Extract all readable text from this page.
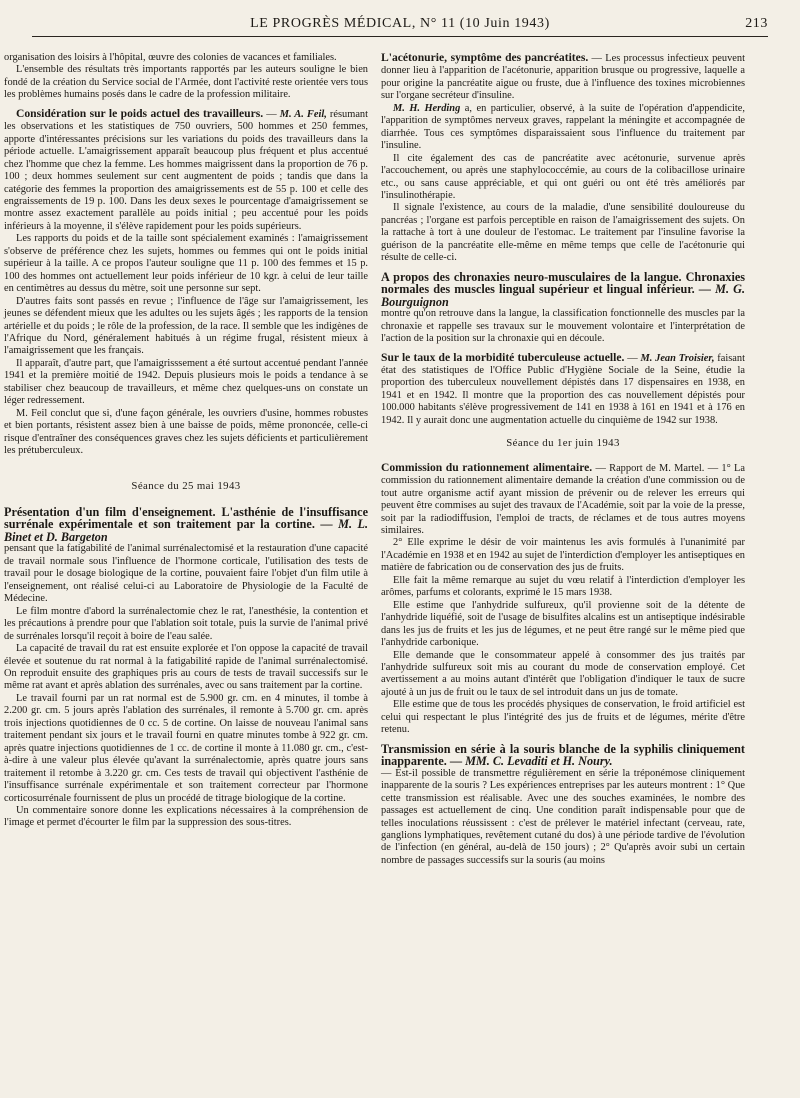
LE PROGRÈS MÉDICAL, N° 11 (10 Juin 1943)	213

organisation des loisirs à l'hôpital, œuvre des colonies de vacances et familiales.

L'ensemble des résultats très importants rapportés par les auteurs souligne le bien fondé de la création du Service social de l'Armée, dont l'activité reste orientée vers tous les problèmes humains posés dans le cadre de la profession militaire.

Considération sur le poids actuel des travailleurs. — M. A. Feil, résumant les observations et les statistiques de 750 ouvriers, 500 hommes et 250 femmes, apporte d'intéressantes précisions sur les variations du poids des travailleurs dans la période actuelle. L'amaigrissement apparaît beaucoup plus fréquent et plus accentué chez l'homme que chez la femme. Les hommes maigrissent dans la proportion de 76 p. 100 ; deux hommes seulement sur cent augmentent de poids ; tandis que dans la catégorie des femmes la proportion des amaigrissements est de 55 p. 100 et celle des engraissements de 19 p. 100. Dans les deux sexes le pourcentage d'amaigrissement se montre assez exactement parallèle au poids initial ; peu accentué pour les poids inférieurs à la moyenne, il s'élève rapidement pour les poids supérieurs.

Les rapports du poids et de la taille sont spécialement examinés : l'amaigrissement s'observe de préférence chez les sujets, hommes ou femmes qui ont le poids initial supérieur à la taille. A ce propos l'auteur souligne que 11 p. 100 des femmes et 15 p. 100 des hommes ont actuellement leur poids inférieur de 10 kgr. à celui de leur taille en centimètres au dessus du mètre, soit une personne sur sept.

D'autres faits sont passés en revue ; l'influence de l'âge sur l'amaigrissement, les jeunes se défendent mieux que les adultes ou les sujets âgés ; les rapports de la tension artérielle et du poids ; le rôle de la profession, de la race. Il semble que les indigènes de l'Afrique du Nord, généralement habitués à un régime frugal, résistent mieux à l'amaigrissement que les français.

Il apparaît, d'autre part, que l'amaigrisssement a été surtout accentué pendant l'année 1941 et la première moitié de 1942. Depuis plusieurs mois le poids a tendance à se stabiliser chez beaucoup de travailleurs, et même chez quelques-uns on constate un léger redressement.

M. Feil conclut que si, d'une façon générale, les ouvriers d'usine, hommes robustes et bien portants, résistent assez bien à une baisse de poids, même prononcée, celle-ci risque d'entraîner des conséquences graves chez les sujets déficients et particulièrement les prétuberculeux.

Séance du 25 mai 1943
Présentation d'un film d'enseignement. L'asthénie de l'insuffisance surrénale expérimentale et son traitement par la cortine. — M. L. Binet et D. Bargeton

pensant que la fatigabilité de l'animal surrénalectomisé et la restauration d'une capacité de travail normale sous l'influence de l'hormone corticale, l'utilisation des tests de travail pour le dosage biologique de la cortine, pouvaient faire l'objet d'un film utile à l'enseignement, ont réalisé celui-ci au Laboratoire de Physiologie de la Faculté de Médecine.

Le film montre d'abord la surrénalectomie chez le rat, l'anesthésie, la contention et les précautions à prendre pour que l'ablation soit totale, puis la survie de l'animal privé de surrénales lorsqu'il reçoit à boire de l'eau salée.

La capacité de travail du rat est ensuite explorée et l'on oppose la capacité de travail élevée et soutenue du rat normal à la fatigabilité rapide de l'animal surrénalectomisé. On reproduit ensuite des graphiques pris au cours de tests de travail successifs sur le même rat avant et après ablation des surrénales, avec ou sans traitement par la cortine.

Le travail fourni par un rat normal est de 5.900 gr. cm. en 4 minutes, il tombe à 2.200 gr. cm. 5 jours après l'ablation des surrénales, il remonte à 5.700 gr. cm. après trois injections quotidiennes de 0 cc. 5 de cortine. On laisse de nouveau l'animal sans traitement pendant six jours et le travail fourni en quatre minutes tombe à 922 gr. cm. après quatre injections quotidiennes de 1 cc. de cortine il monte à 11.080 gr. cm., c'est-à-dire à une valeur plus élevée qu'avant la surrénalectomie, après quatre jours sans traitement il retombe à 3.220 gr. cm. Ces tests de travail qui objectivent l'asthénie de l'insuffisance surrénale expérimentale et son traitement correcteur par l'hormone corticosurrénale fournissent de plus un procédé de titrage biologique de la cortine.

Un commentaire sonore donne les explications nécessaires à la compréhension de l'image et permet d'écourter le film par la suppression des sous-titres.

L'acétonurie, symptôme des pancréatites. — Les processus infectieux peuvent donner lieu à l'apparition de l'acétonurie, apparition brusque ou progressive, laquelle a pour origine la pancréatite aigue ou fruste, due à l'influence des toxines microbiennes sur l'organe secréteur d'insuline.

M. H. Herding a, en particulier, observé, à la suite de l'opération d'appendicite, l'apparition de symptômes nerveux graves, rappelant la méningite et accompagnée de diarrhée. Tous ces symptômes disparaissaient sous l'influence du traitement par l'insuline.

Il cite également des cas de pancréatite avec acétonurie, survenue après l'accouchement, ou après une staphylococcémie, au cours de la colibacillose urinaire etc., ou sans cause appréciable, et qui ont guéri ou ont été très améliorés par l'insulinothérapie.

Il signale l'existence, au cours de la maladie, d'une sensibilité douloureuse du pancréas ; l'organe est parfois perceptible en raison de l'amaigrissement des sujets. On la rattache à tort à une douleur de l'estomac. Le traitement par l'insuline favorise la guérison de la pancréatite elle-même en même temps que celle de l'acétonurie qui résulte de celle-ci.

A propos des chronaxies neuro-musculaires de la langue. Chronaxies normales des muscles lingual supérieur et lingual inférieur. — M. G. Bourguignon

montre qu'on retrouve dans la langue, la classification fonctionnelle des muscles par la chronaxie et rappelle ses travaux sur le mouvement volontaire et l'interprétation de l'action de la position sur la chronaxie qui en découle.

Sur le taux de la morbidité tuberculeuse actuelle. — M. Jean Troisier, faisant état des statistiques de l'Office Public d'Hygiène Sociale de la Seine, étudie la proportion des tuberculeux nouvellement dépistés dans 17 dispensaires en 1938, en 1941 et en 1942. Il montre que la proportion des cas nouvellement dépistés pour 100.000 habitants s'élève progressivement de 141 en 1938 à 161 en 1941 et à 176 en 1942. Il y aurait donc une augmentation actuelle du cinquième de 1942 sur 1938.

Séance du 1er juin 1943

Commission du rationnement alimentaire. — Rapport de M. Martel. — 1° La commission du rationnement alimentaire demande la création d'une commission ou de tout autre organisme actif ayant mission de prévenir ou de relever les erreurs qui peuvent être commises au sujet des travaux de l'Académie, soit par la voie de la presse, soit par la radiodiffusion, l'emploi de tracts, de réclames et de tous autres moyens similaires.

2° Elle exprime le désir de voir maintenus les avis formulés à l'unanimité par l'Académie en 1938 et en 1942 au sujet de l'interdiction d'employer les antiseptiques en matière de fabrication ou de conservation des jus de fruits.

Elle fait la même remarque au sujet du vœu relatif à l'interdiction d'employer les arômes, parfums et colorants, exprimé le 15 mars 1938.

Elle estime que l'anhydride sulfureux, qu'il provienne soit de la détente de l'anhydride liquéfié, soit de l'usage de bisulfites alcalins est un antiseptique indésirable dans les jus de fruits et les jus de légumes, et ne peut être rangé sur le même pied que l'anhydride carbonique.

Elle demande que le consommateur appelé à consommer des jus traités par l'anhydride sulfureux soit mis au courant du mode de conservation employé. Cet avertissement a au moins autant d'intérêt que l'obligation d'indiquer le taux de sucre ajouté à un jus de fruit ou le taux de sel introduit dans un jus de tomate.

Elle estime que de tous les procédés physiques de conservation, le froid artificiel est celui qui respectant le plus l'intégrité des jus de fruits et de légumes, mérite d'être retenu.

Transmission en série à la souris blanche de la syphilis cliniquement inapparente. — MM. C. Levaditi et H. Noury.

— Est-il possible de transmettre régulièrement en série la tréponémose cliniquement inapparente de la souris ? Les expériences entreprises par les auteurs montrent : 1° Que cette transmission est réalisable. Avec une des souches examinées, le nombre des passages est actuellement de cinq. Une condition paraît indispensable pour que de telles inoculations réussissent : c'est de prélever le matériel infectant (cerveau, rate, ganglions lymphatiques, revêtement cutané du dos) à une période tardive de l'évolution de l'infection (en général, au-delà de 150 jours) ; 2° Qu'après avoir subi un certain nombre de passages successifs sur la souris (au moins
